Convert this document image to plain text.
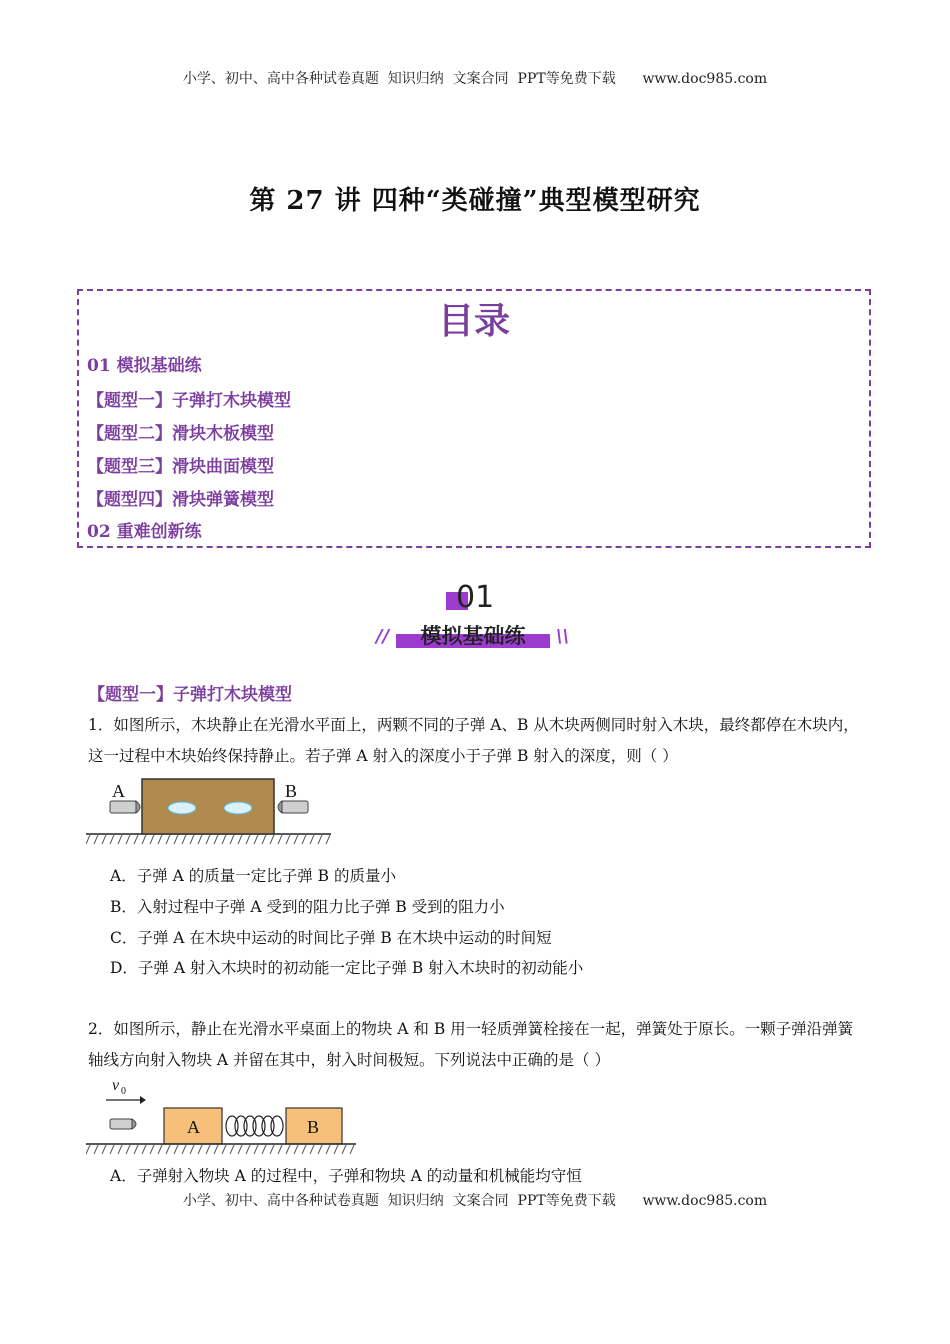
小学、初中、高中各种试卷真题  知识归纳  文案合同  PPT等免费下载      www.doc985.com
第 27 讲 四种“类碰撞”典型模型研究
目录
01 模拟基础练
【题型一】子弹打木块模型
【题型二】滑块木板模型
【题型三】滑块曲面模型
【题型四】滑块弹簧模型
02 重难创新练
01
//	模拟基础练	\\
【题型一】子弹打木块模型
1．如图所示，木块静止在光滑水平面上，两颗不同的子弹 A、B 从木块两侧同时射入木块，最终都停在木块内，这一过程中木块始终保持静止。若子弹 A 射入的深度小于子弹 B 射入的深度，则（ ）
A	B
A．子弹 A 的质量一定比子弹 B 的质量小
B．入射过程中子弹 A 受到的阻力比子弹 B 受到的阻力小
C．子弹 A 在木块中运动的时间比子弹 B 在木块中运动的时间短
D．子弹 A 射入木块时的初动能一定比子弹 B 射入木块时的初动能小
2．如图所示，静止在光滑水平桌面上的物块 A 和 B 用一轻质弹簧栓接在一起，弹簧处于原长。一颗子弹沿弹簧轴线方向射入物块 A 并留在其中，射入时间极短。下列说法中正确的是（ ）
v 0
A	B
A．子弹射入物块 A 的过程中，子弹和物块 A 的动量和机械能均守恒
小学、初中、高中各种试卷真题  知识归纳  文案合同  PPT等免费下载      www.doc985.com
